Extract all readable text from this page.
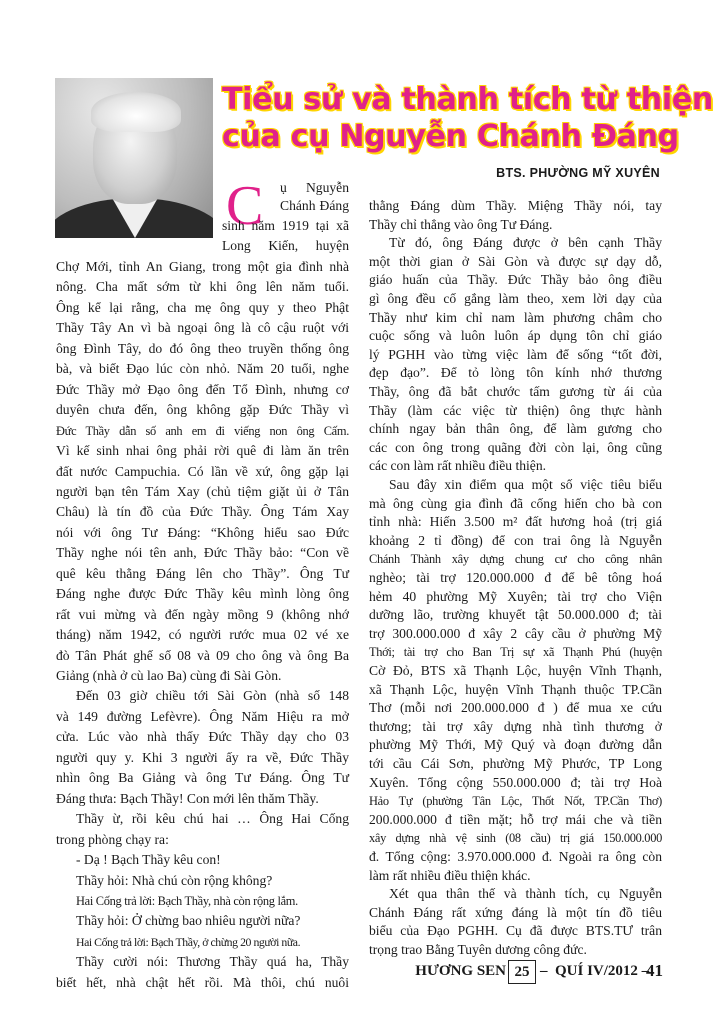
Tiểu sử và thành tích từ thiện
của cụ Nguyễn Chánh Đáng

BTS. PHƯỜNG MỸ XUYÊN

C ụ Nguyễn

Chánh Đáng

sinh năm 1919 tại xã

Long Kiến, huyện

Chợ Mới, tỉnh An Giang, trong một gia đình nhà

nông. Cha mất sớm từ khi ông lên năm tuổi.

Ông kể lại rằng, cha mẹ ông quy y theo Phật

Thầy Tây An vì bà ngoại ông là cô cậu ruột với

ông Đình Tây, do đó ông theo truyền thống ông

bà, và biết Đạo lúc còn nhỏ. Năm 20 tuổi, nghe

Đức Thầy mở Đạo ông đến Tổ Đình, nhưng cơ

duyên chưa đến, ông không gặp Đức Thầy vì

Đức Thầy dẫn số anh em đi viếng non ông Cấm.

Vì kế sinh nhai ông phải rời quê đi làm ăn trên

đất nước Campuchia. Có lần về xứ, ông gặp lại

người bạn tên Tám Xay (chủ tiệm giặt ủi ở Tân

Châu) là tín đồ của Đức Thầy. Ông Tám Xay

nói với ông Tư Đáng: “Không hiểu sao Đức

Thầy nghe nói tên anh, Đức Thầy bảo: “Con về

quê kêu thằng Đáng lên cho Thầy”. Ông Tư

Đáng nghe được Đức Thầy kêu mình lòng ông

rất vui mừng và đến ngày mồng 9 (không nhớ

tháng) năm 1942, có người rước mua 02 vé xe

đò Tân Phát ghế số 08 và 09 cho ông và ông Ba

Giảng (nhà ở cù lao Ba) cùng đi Sài Gòn.

Đến 03 giờ chiều tới Sài Gòn (nhà số 148

và 149 đường Lefèvre). Ông Năm Hiệu ra mở

cửa. Lúc vào nhà thấy Đức Thầy dạy cho 03

người quy y. Khi 3 người ấy ra về, Đức Thầy

nhìn ông Ba Giảng và ông Tư Đáng. Ông Tư

Đáng thưa: Bạch Thầy! Con mới lên thăm Thầy.

Thầy ừ, rồi kêu chú hai … Ông Hai Cống

trong phòng chạy ra:

- Dạ ! Bạch Thầy kêu con!

Thầy hỏi: Nhà chú còn rộng không?

Hai Cống trả lời: Bạch Thầy, nhà còn rộng lắm.

Thầy hỏi: Ở chừng bao nhiêu người nữa?

Hai Cống trả lời: Bạch Thầy, ở chừng 20 người nữa.

Thầy cười nói: Thương Thầy quá ha, Thầy

biết hết, nhà chật hết rồi. Mà thôi, chú nuôi

thằng Đáng dùm Thầy. Miệng Thầy nói, tay

Thầy chỉ thẳng vào ông Tư Đáng.

Từ đó, ông Đáng được ở bên cạnh Thầy

một thời gian ở Sài Gòn và được sự dạy dỗ,

giáo huấn của Thầy. Đức Thầy bảo ông điều

gì ông đều cố gắng làm theo, xem lời dạy của

Thầy như kim chỉ nam làm phương châm cho

cuộc sống và luôn luôn áp dụng tôn chỉ giáo

lý PGHH vào từng việc làm để sống “tốt đời,

đẹp đạo”. Để tỏ lòng tôn kính nhớ thương

Thầy, ông đã bắt chước tấm gương từ ái của

Thầy (làm các việc từ thiện) ông thực hành

chính ngay bản thân ông, để làm gương cho

các con ông trong quãng đời còn lại, ông cũng

các con làm rất nhiều điều thiện.

Sau đây xin điểm qua một số việc tiêu biểu

mà ông cùng gia đình đã cống hiến cho bà con

tỉnh nhà: Hiến 3.500 m² đất hương hoả (trị giá

khoảng 2 tỉ đồng) để con trai ông là Nguyễn

Chánh Thành xây dựng chung cư cho công nhân

nghèo; tài trợ 120.000.000 đ để bê tông hoá

hẻm 40 phường Mỹ Xuyên; tài trợ cho Viện

dưỡng lão, trường khuyết tật 50.000.000 đ; tài

trợ 300.000.000 đ xây 2 cây cầu ở phường Mỹ

Thới; tài trợ cho Ban Trị sự xã Thạnh Phú (huyện

Cờ Đỏ, BTS xã Thạnh Lộc, huyện Vĩnh Thạnh,

xã Thạnh Lộc, huyện Vĩnh Thạnh thuộc TP.Cần

Thơ (mỗi nơi 200.000.000 đ ) để mua xe cứu

thương; tài trợ xây dựng nhà tình thương ở

phường Mỹ Thới, Mỹ Quý và đoạn đường dẫn

tới cầu Cái Sơn, phường Mỹ Phước, TP Long

Xuyên. Tổng cộng 550.000.000 đ; tài trợ Hoà

Hảo Tự (phường Tân Lộc, Thốt Nốt, TP.Cần Thơ)

200.000.000 đ tiền mặt; hỗ trợ mái che và tiền

xây dựng nhà vệ sinh (08 cầu) trị giá 150.000.000

đ. Tổng cộng: 3.970.000.000 đ. Ngoài ra ông còn

làm rất nhiều điều thiện khác.

Xét qua thân thế và thành tích, cụ Nguyễn

Chánh Đáng rất xứng đáng là một tín đồ tiêu

biểu của Đạo PGHH. Cụ đã được BTS.TƯ trân

trọng trao Bằng Tuyên dương công đức.

HƯƠNG SEN 25 – QUÍ IV/2012 –

41
